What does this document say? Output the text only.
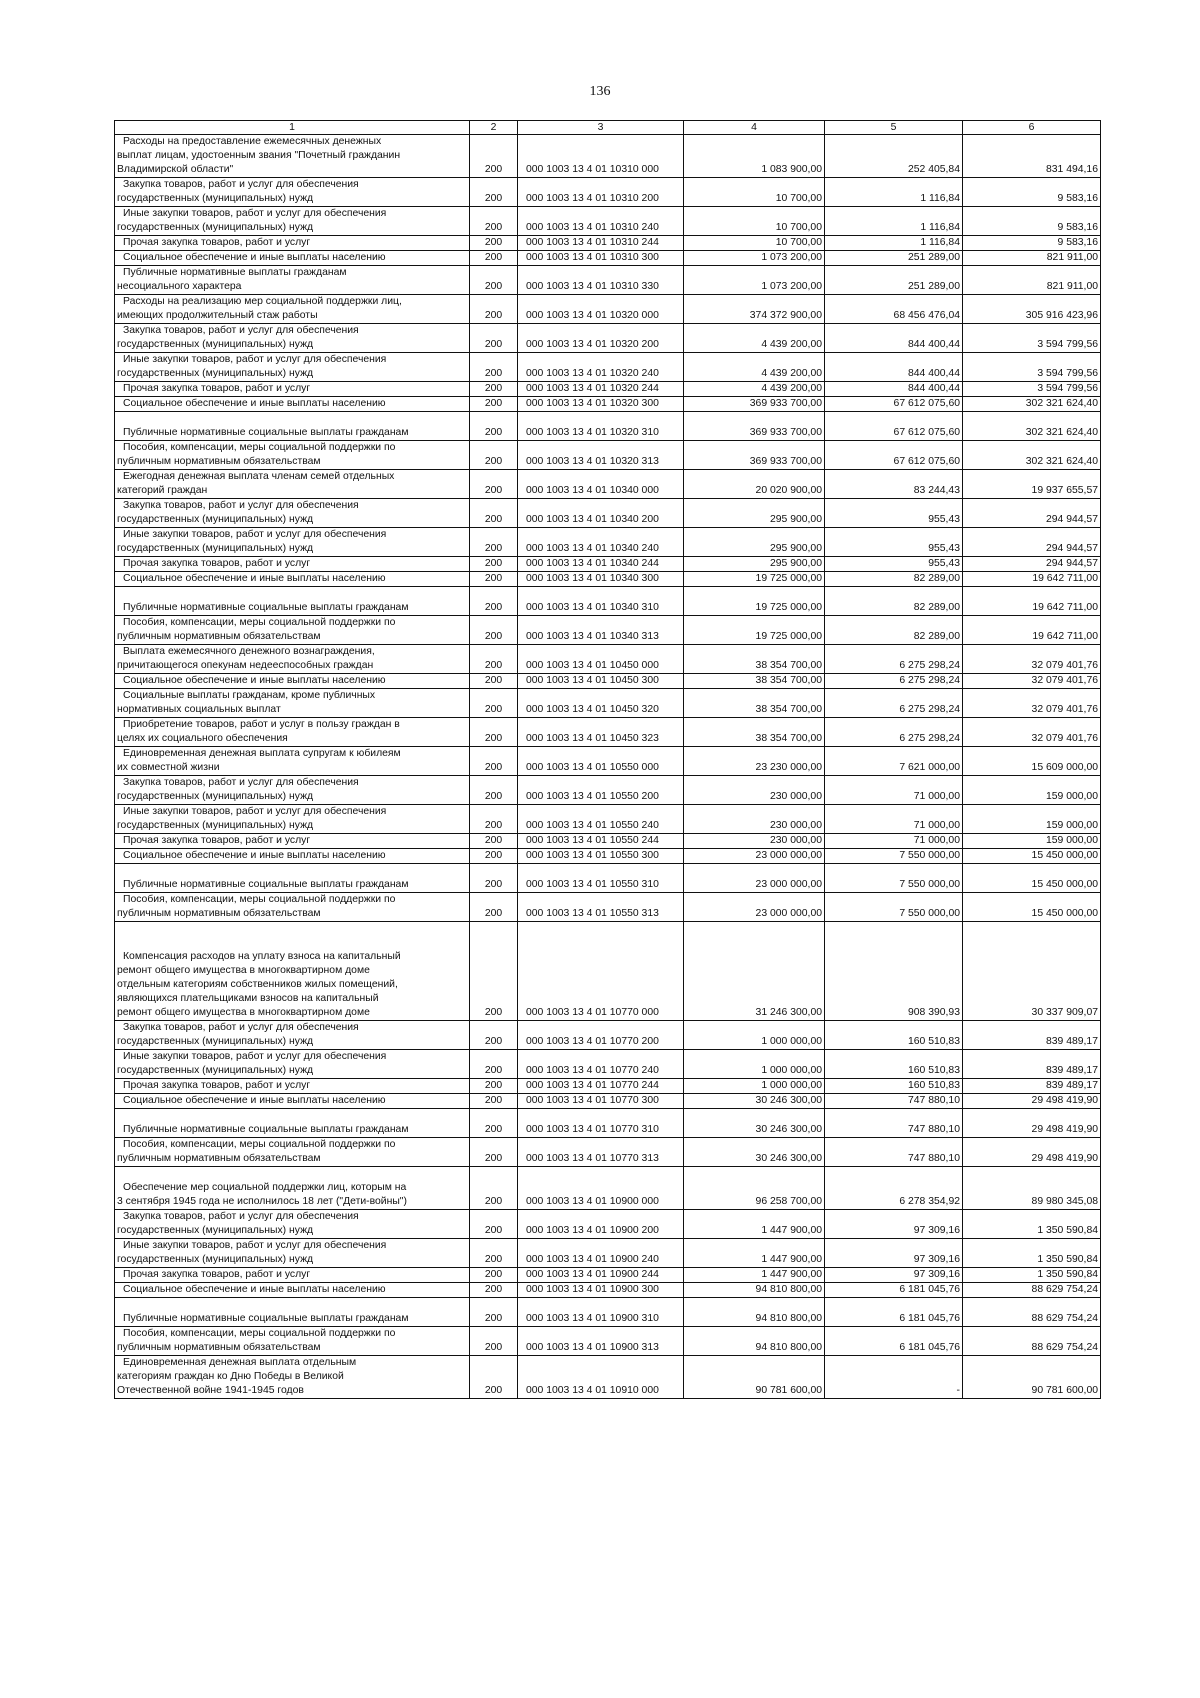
136
1	2	3	4	5	6

Расходы на предоставление ежемесячных денежных
выплат лицам, удостоенным звания "Почетный гражданин
Владимирской области"	200	000 1003 13 4 01 10310 000	1 083 900,00	252 405,84	831 494,16

Закупка товаров, работ и услуг для обеспечения
государственных (муниципальных) нужд	200	000 1003 13 4 01 10310 200	10 700,00	1 116,84	9 583,16

Иные закупки товаров, работ и услуг для обеспечения
государственных (муниципальных) нужд	200	000 1003 13 4 01 10310 240	10 700,00	1 116,84	9 583,16

Прочая закупка товаров, работ и услуг	200	000 1003 13 4 01 10310 244	10 700,00	1 116,84	9 583,16

Социальное обеспечение и иные выплаты населению	200	000 1003 13 4 01 10310 300	1 073 200,00	251 289,00	821 911,00

Публичные нормативные выплаты гражданам
несоциального характера	200	000 1003 13 4 01 10310 330	1 073 200,00	251 289,00	821 911,00

Расходы на реализацию мер социальной поддержки лиц,
имеющих продолжительный стаж работы	200	000 1003 13 4 01 10320 000	374 372 900,00	68 456 476,04	305 916 423,96

Закупка товаров, работ и услуг для обеспечения
государственных (муниципальных) нужд	200	000 1003 13 4 01 10320 200	4 439 200,00	844 400,44	3 594 799,56

Иные закупки товаров, работ и услуг для обеспечения
государственных (муниципальных) нужд	200	000 1003 13 4 01 10320 240	4 439 200,00	844 400,44	3 594 799,56

Прочая закупка товаров, работ и услуг	200	000 1003 13 4 01 10320 244	4 439 200,00	844 400,44	3 594 799,56

Социальное обеспечение и иные выплаты населению	200	000 1003 13 4 01 10320 300	369 933 700,00	67 612 075,60	302 321 624,40

Публичные нормативные социальные выплаты гражданам	200	000 1003 13 4 01 10320 310	369 933 700,00	67 612 075,60	302 321 624,40

Пособия, компенсации, меры социальной поддержки по
публичным нормативным обязательствам	200	000 1003 13 4 01 10320 313	369 933 700,00	67 612 075,60	302 321 624,40

Ежегодная денежная выплата членам семей отдельных
категорий граждан	200	000 1003 13 4 01 10340 000	20 020 900,00	83 244,43	19 937 655,57

Закупка товаров, работ и услуг для обеспечения
государственных (муниципальных) нужд	200	000 1003 13 4 01 10340 200	295 900,00	955,43	294 944,57

Иные закупки товаров, работ и услуг для обеспечения
государственных (муниципальных) нужд	200	000 1003 13 4 01 10340 240	295 900,00	955,43	294 944,57

Прочая закупка товаров, работ и услуг	200	000 1003 13 4 01 10340 244	295 900,00	955,43	294 944,57

Социальное обеспечение и иные выплаты населению	200	000 1003 13 4 01 10340 300	19 725 000,00	82 289,00	19 642 711,00

Публичные нормативные социальные выплаты гражданам	200	000 1003 13 4 01 10340 310	19 725 000,00	82 289,00	19 642 711,00

Пособия, компенсации, меры социальной поддержки по
публичным нормативным обязательствам	200	000 1003 13 4 01 10340 313	19 725 000,00	82 289,00	19 642 711,00

Выплата ежемесячного денежного вознаграждения,
причитающегося опекунам недееспособных граждан	200	000 1003 13 4 01 10450 000	38 354 700,00	6 275 298,24	32 079 401,76

Социальное обеспечение и иные выплаты населению	200	000 1003 13 4 01 10450 300	38 354 700,00	6 275 298,24	32 079 401,76

Социальные выплаты гражданам, кроме публичных
нормативных социальных выплат	200	000 1003 13 4 01 10450 320	38 354 700,00	6 275 298,24	32 079 401,76

Приобретение товаров, работ и услуг в пользу граждан в
целях их социального обеспечения	200	000 1003 13 4 01 10450 323	38 354 700,00	6 275 298,24	32 079 401,76

Единовременная денежная выплата супругам к юбилеям
их совместной жизни	200	000 1003 13 4 01 10550 000	23 230 000,00	7 621 000,00	15 609 000,00

Закупка товаров, работ и услуг для обеспечения
государственных (муниципальных) нужд	200	000 1003 13 4 01 10550 200	230 000,00	71 000,00	159 000,00

Иные закупки товаров, работ и услуг для обеспечения
государственных (муниципальных) нужд	200	000 1003 13 4 01 10550 240	230 000,00	71 000,00	159 000,00

Прочая закупка товаров, работ и услуг	200	000 1003 13 4 01 10550 244	230 000,00	71 000,00	159 000,00

Социальное обеспечение и иные выплаты населению	200	000 1003 13 4 01 10550 300	23 000 000,00	7 550 000,00	15 450 000,00

Публичные нормативные социальные выплаты гражданам	200	000 1003 13 4 01 10550 310	23 000 000,00	7 550 000,00	15 450 000,00

Пособия, компенсации, меры социальной поддержки по
публичным нормативным обязательствам	200	000 1003 13 4 01 10550 313	23 000 000,00	7 550 000,00	15 450 000,00

Компенсация расходов на уплату взноса на капитальный
ремонт общего имущества в многоквартирном доме
отдельным категориям собственников жилых помещений,
являющихся плательщиками взносов на капитальный
ремонт общего имущества в многоквартирном доме	200	000 1003 13 4 01 10770 000	31 246 300,00	908 390,93	30 337 909,07

Закупка товаров, работ и услуг для обеспечения
государственных (муниципальных) нужд	200	000 1003 13 4 01 10770 200	1 000 000,00	160 510,83	839 489,17

Иные закупки товаров, работ и услуг для обеспечения
государственных (муниципальных) нужд	200	000 1003 13 4 01 10770 240	1 000 000,00	160 510,83	839 489,17

Прочая закупка товаров, работ и услуг	200	000 1003 13 4 01 10770 244	1 000 000,00	160 510,83	839 489,17

Социальное обеспечение и иные выплаты населению	200	000 1003 13 4 01 10770 300	30 246 300,00	747 880,10	29 498 419,90

Публичные нормативные социальные выплаты гражданам	200	000 1003 13 4 01 10770 310	30 246 300,00	747 880,10	29 498 419,90

Пособия, компенсации, меры социальной поддержки по
публичным нормативным обязательствам	200	000 1003 13 4 01 10770 313	30 246 300,00	747 880,10	29 498 419,90

Обеспечение мер социальной поддержки лиц, которым на
3 сентября 1945 года не исполнилось 18 лет ("Дети-войны")	200	000 1003 13 4 01 10900 000	96 258 700,00	6 278 354,92	89 980 345,08

Закупка товаров, работ и услуг для обеспечения
государственных (муниципальных) нужд	200	000 1003 13 4 01 10900 200	1 447 900,00	97 309,16	1 350 590,84

Иные закупки товаров, работ и услуг для обеспечения
государственных (муниципальных) нужд	200	000 1003 13 4 01 10900 240	1 447 900,00	97 309,16	1 350 590,84

Прочая закупка товаров, работ и услуг	200	000 1003 13 4 01 10900 244	1 447 900,00	97 309,16	1 350 590,84

Социальное обеспечение и иные выплаты населению	200	000 1003 13 4 01 10900 300	94 810 800,00	6 181 045,76	88 629 754,24

Публичные нормативные социальные выплаты гражданам	200	000 1003 13 4 01 10900 310	94 810 800,00	6 181 045,76	88 629 754,24

Пособия, компенсации, меры социальной поддержки по
публичным нормативным обязательствам	200	000 1003 13 4 01 10900 313	94 810 800,00	6 181 045,76	88 629 754,24

Единовременная денежная выплата отдельным
категориям граждан ко Дню Победы в Великой
Отечественной войне 1941-1945 годов	200	000 1003 13 4 01 10910 000	90 781 600,00	-	90 781 600,00
